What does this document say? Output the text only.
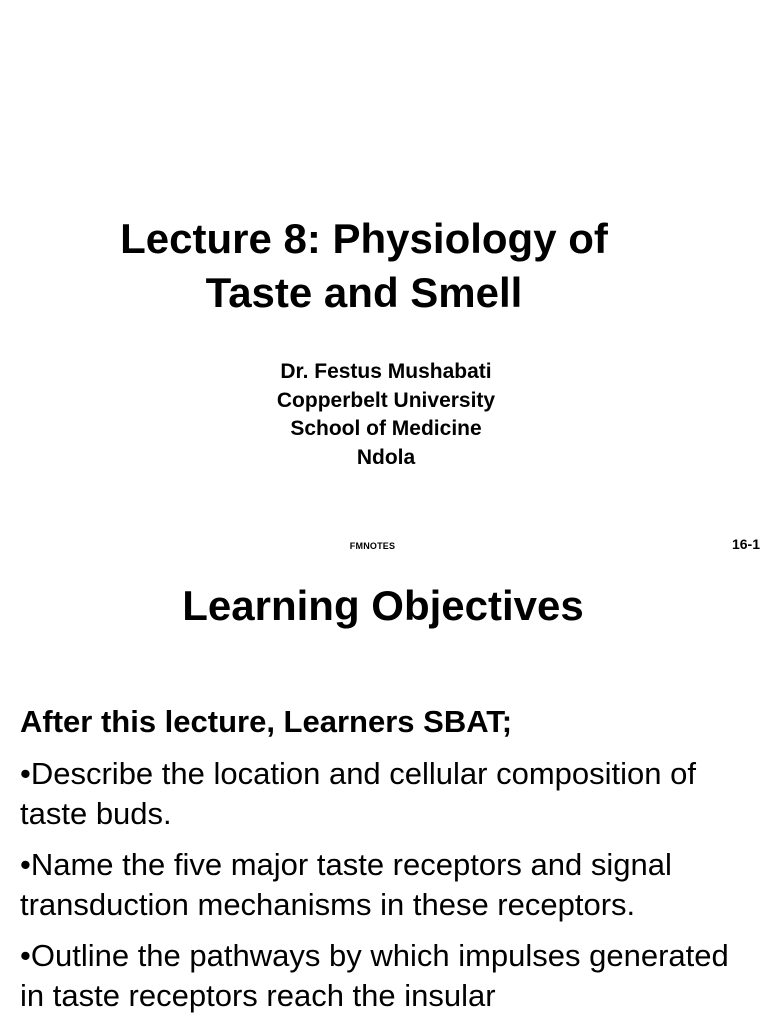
Lecture 8: Physiology of
Taste and Smell
Dr. Festus Mushabati
Copperbelt University
School of Medicine
Ndola
FMNOTES	16-1
Learning Objectives
After this lecture, Learners SBAT;
•Describe the location and cellular composition of taste buds.
•Name the five major taste receptors and signal transduction mechanisms in these receptors.
•Outline the pathways by which impulses generated in taste receptors reach the insular
